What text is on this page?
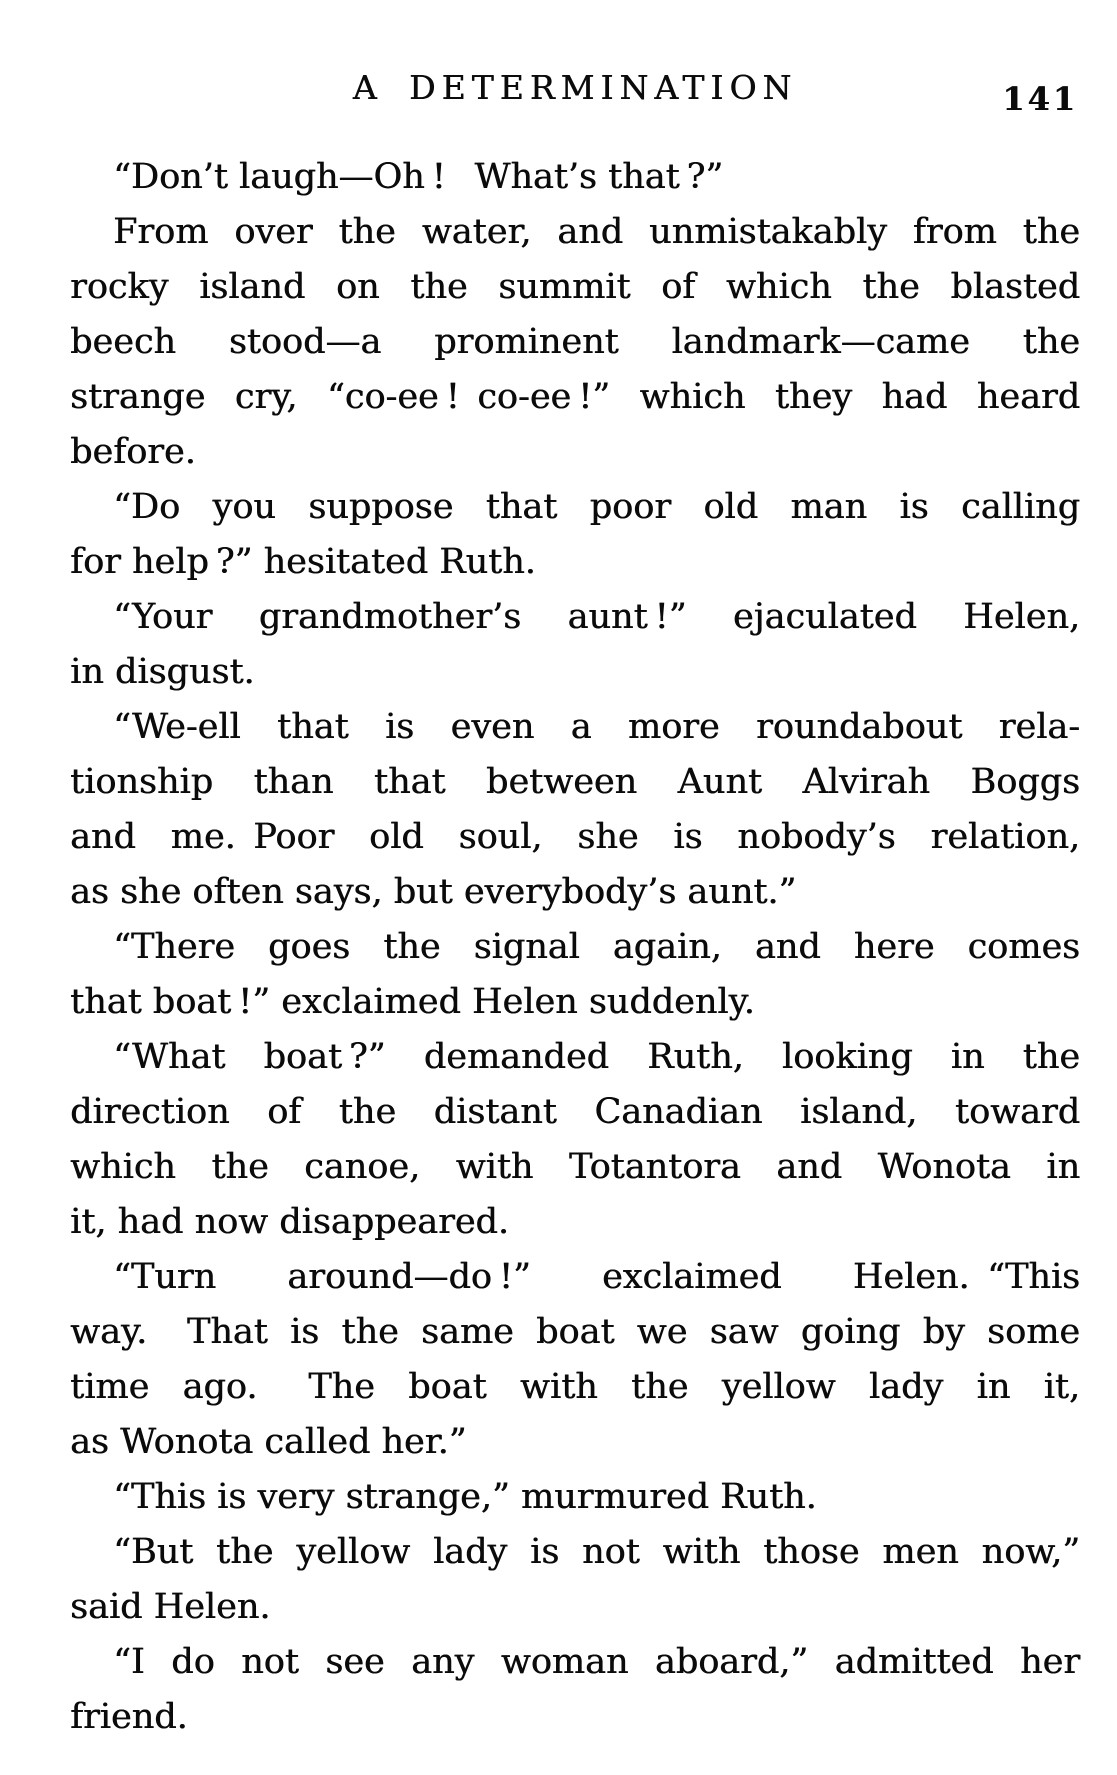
A DETERMINATION	141
“Don’t laugh—Oh !  What’s that ?”
From over the water, and unmistakably from the
rocky island on the summit of which the blasted
beech stood—a prominent landmark—came the
strange cry, “co-ee ! co-ee !” which they had heard
before.
“Do you suppose that poor old man is calling
for help ?” hesitated Ruth.
“Your grandmother’s aunt !” ejaculated Helen,
in disgust.
“We-ell that is even a more roundabout rela-
tionship than that between Aunt Alvirah Boggs
and me. Poor old soul, she is nobody’s relation,
as she often says, but everybody’s aunt.”
“There goes the signal again, and here comes
that boat !” exclaimed Helen suddenly.
“What boat ?” demanded Ruth, looking in the
direction of the distant Canadian island, toward
which the canoe, with Totantora and Wonota in
it, had now disappeared.
“Turn around—do !” exclaimed Helen. “This
way.  That is the same boat we saw going by some
time ago.  The boat with the yellow lady in it,
as Wonota called her.”
“This is very strange,” murmured Ruth.
“But the yellow lady is not with those men now,”
said Helen.
“I do not see any woman aboard,” admitted her
friend.
